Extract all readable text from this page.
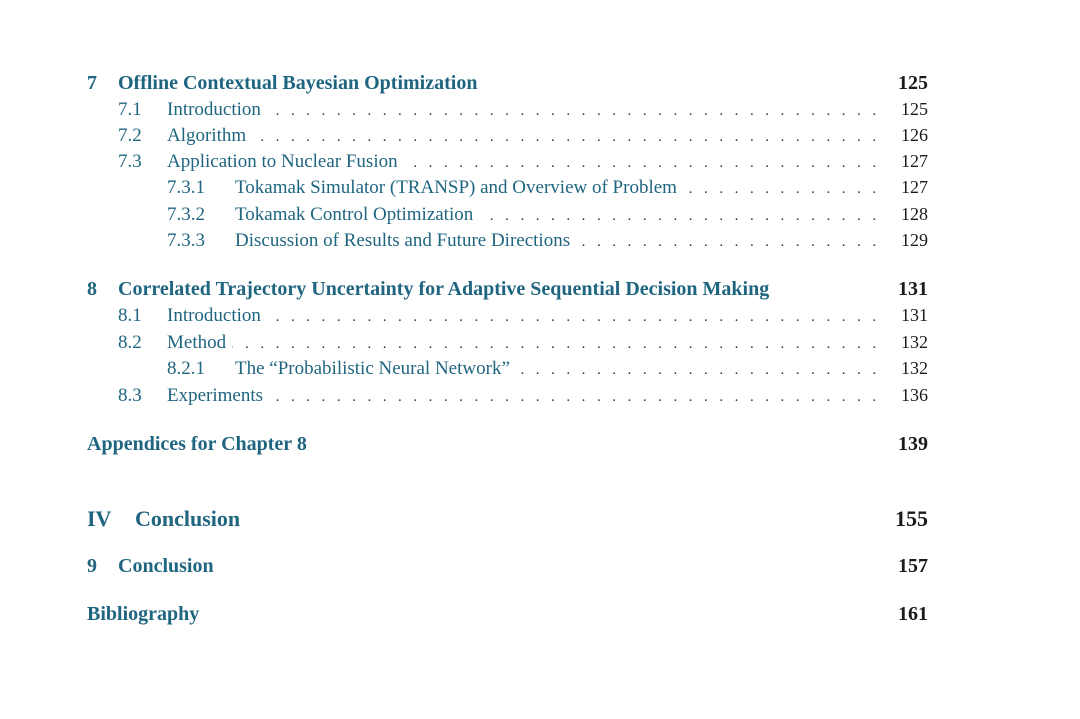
7	Offline Contextual Bayesian Optimization	125
7.1	Introduction . . .	125
7.2	Algorithm . . .	126
7.3	Application to Nuclear Fusion . . .	127
7.3.1	Tokamak Simulator (TRANSP) and Overview of Problem . . .	127
7.3.2	Tokamak Control Optimization . . .	128
7.3.3	Discussion of Results and Future Directions . . .	129
8	Correlated Trajectory Uncertainty for Adaptive Sequential Decision Making	131
8.1	Introduction . . .	131
8.2	Method . . .	132
8.2.1	The “Probabilistic Neural Network” . . .	132
8.3	Experiments . . .	136
Appendices for Chapter 8	139
IV	Conclusion	155
9	Conclusion	157
Bibliography	161
